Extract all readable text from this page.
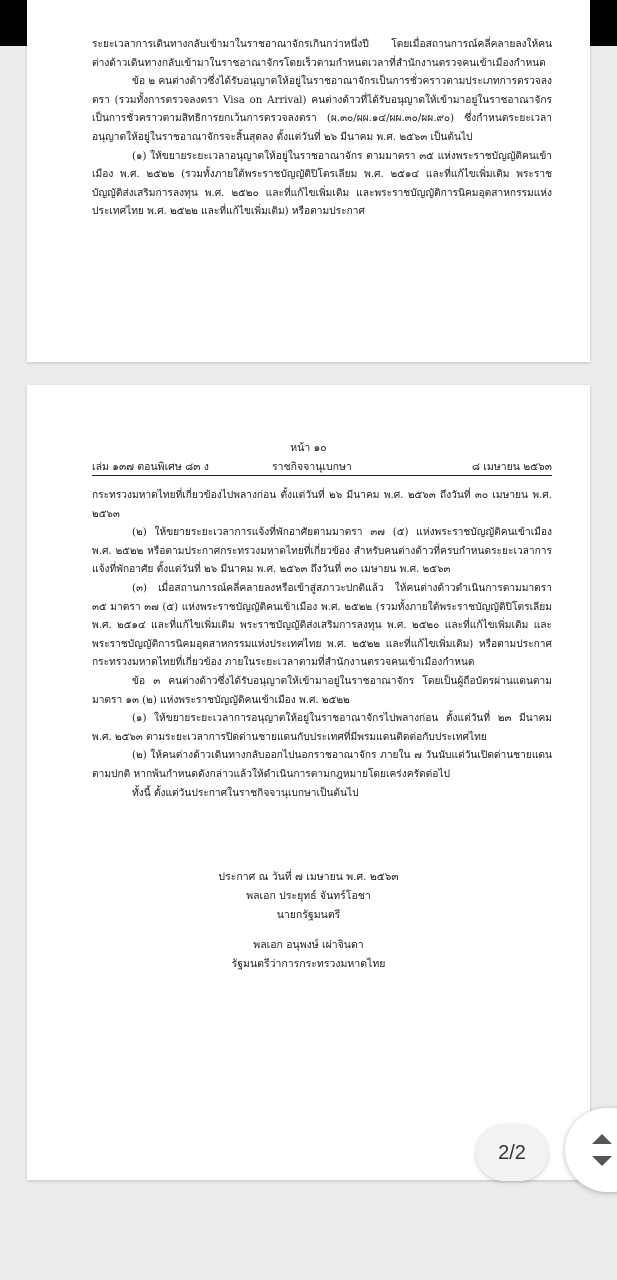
ระยะเวลาการเดินทางกลับเข้ามาในราชอาณาจักรเกินกว่าหนึ่งปี โดยเมื่อสถานการณ์คลี่คลายลงให้คนต่างด้าวเดินทางกลับเข้ามาในราชอาณาจักรโดยเร็วตามกำหนดเวลาที่สำนักงานตรวจคนเข้าเมืองกำหนด

ข้อ ๒ คนต่างด้าวซึ่งได้รับอนุญาตให้อยู่ในราชอาณาจักรเป็นการชั่วคราวตามประเภทการตรวจลงตรา (รวมทั้งการตรวจลงตรา Visa on Arrival) คนต่างด้าวที่ได้รับอนุญาตให้เข้ามาอยู่ในราชอาณาจักรเป็นการชั่วคราวตามสิทธิการยกเว้นการตรวจลงตรา (ผ.๓๐/ผผ.๑๔/ผผ.๓๐/ผผ.๙๐) ซึ่งกำหนดระยะเวลาอนุญาตให้อยู่ในราชอาณาจักรจะสิ้นสุดลง ตั้งแต่วันที่ ๒๖ มีนาคม พ.ศ. ๒๕๖๓ เป็นต้นไป

(๑) ให้ขยายระยะเวลาอนุญาตให้อยู่ในราชอาณาจักร ตามมาตรา ๓๕ แห่งพระราชบัญญัติคนเข้าเมือง พ.ศ. ๒๕๒๒ (รวมทั้งภายใต้พระราชบัญญัติปิโตรเลียม พ.ศ. ๒๕๑๔ และที่แก้ไขเพิ่มเติม พระราชบัญญัติส่งเสริมการลงทุน พ.ศ. ๒๕๒๐ และที่แก้ไขเพิ่มเติม และพระราชบัญญัติการนิคมอุตสาหกรรมแห่งประเทศไทย พ.ศ. ๒๕๒๒ และที่แก้ไขเพิ่มเติม) หรือตามประกาศ

หน้า ๑๐
เล่ม ๑๓๗ ตอนพิเศษ ๘๓ ง	ราชกิจจานุเบกษา	๘ เมษายน ๒๕๖๓

กระทรวงมหาดไทยที่เกี่ยวข้องไปพลางก่อน ตั้งแต่วันที่ ๒๖ มีนาคม พ.ศ. ๒๕๖๓ ถึงวันที่ ๓๐ เมษายน พ.ศ. ๒๕๖๓

(๒) ให้ขยายระยะเวลาการแจ้งที่พักอาศัยตามมาตรา ๓๗ (๕) แห่งพระราชบัญญัติคนเข้าเมือง พ.ศ. ๒๕๒๒ หรือตามประกาศกระทรวงมหาดไทยที่เกี่ยวข้อง สำหรับคนต่างด้าวที่ครบกำหนดระยะเวลาการแจ้งที่พักอาศัย ตั้งแต่วันที่ ๒๖ มีนาคม พ.ศ. ๒๕๖๓ ถึงวันที่ ๓๐ เมษายน พ.ศ. ๒๕๖๓

(๓) เมื่อสถานการณ์คลี่คลายลงหรือเข้าสู่สภาวะปกติแล้ว ให้คนต่างด้าวดำเนินการตามมาตรา ๓๕ มาตรา ๓๗ (๕) แห่งพระราชบัญญัติคนเข้าเมือง พ.ศ. ๒๕๒๒ (รวมทั้งภายใต้พระราชบัญญัติปิโตรเลียม พ.ศ. ๒๕๑๔ และที่แก้ไขเพิ่มเติม พระราชบัญญัติส่งเสริมการลงทุน พ.ศ. ๒๕๒๐ และที่แก้ไขเพิ่มเติม และพระราชบัญญัติการนิคมอุตสาหกรรมแห่งประเทศไทย พ.ศ. ๒๕๒๒ และที่แก้ไขเพิ่มเติม) หรือตามประกาศกระทรวงมหาดไทยที่เกี่ยวข้อง ภายในระยะเวลาตามที่สำนักงานตรวจคนเข้าเมืองกำหนด

ข้อ ๓ คนต่างด้าวซึ่งได้รับอนุญาตให้เข้ามาอยู่ในราชอาณาจักร โดยเป็นผู้ถือบัตรผ่านแดนตามมาตรา ๑๓ (๒) แห่งพระราชบัญญัติคนเข้าเมือง พ.ศ. ๒๕๒๒

(๑) ให้ขยายระยะเวลาการอนุญาตให้อยู่ในราชอาณาจักรไปพลางก่อน ตั้งแต่วันที่ ๒๓ มีนาคม พ.ศ. ๒๕๖๓ ตามระยะเวลาการปิดด่านชายแดนกับประเทศที่มีพรมแดนติดต่อกับประเทศไทย

(๒) ให้คนต่างด้าวเดินทางกลับออกไปนอกราชอาณาจักร ภายใน ๗ วันนับแต่วันเปิดด่านชายแดนตามปกติ หากพ้นกำหนดดังกล่าวแล้วให้ดำเนินการตามกฎหมายโดยเคร่งครัดต่อไป

ทั้งนี้ ตั้งแต่วันประกาศในราชกิจจานุเบกษาเป็นต้นไป

ประกาศ ณ วันที่ ๗ เมษายน พ.ศ. ๒๕๖๓
พลเอก ประยุทธ์ จันทร์โอชา
นายกรัฐมนตรี
พลเอก อนุพงษ์ เผ่าจินดา
รัฐมนตรีว่าการกระทรวงมหาดไทย
2/2
